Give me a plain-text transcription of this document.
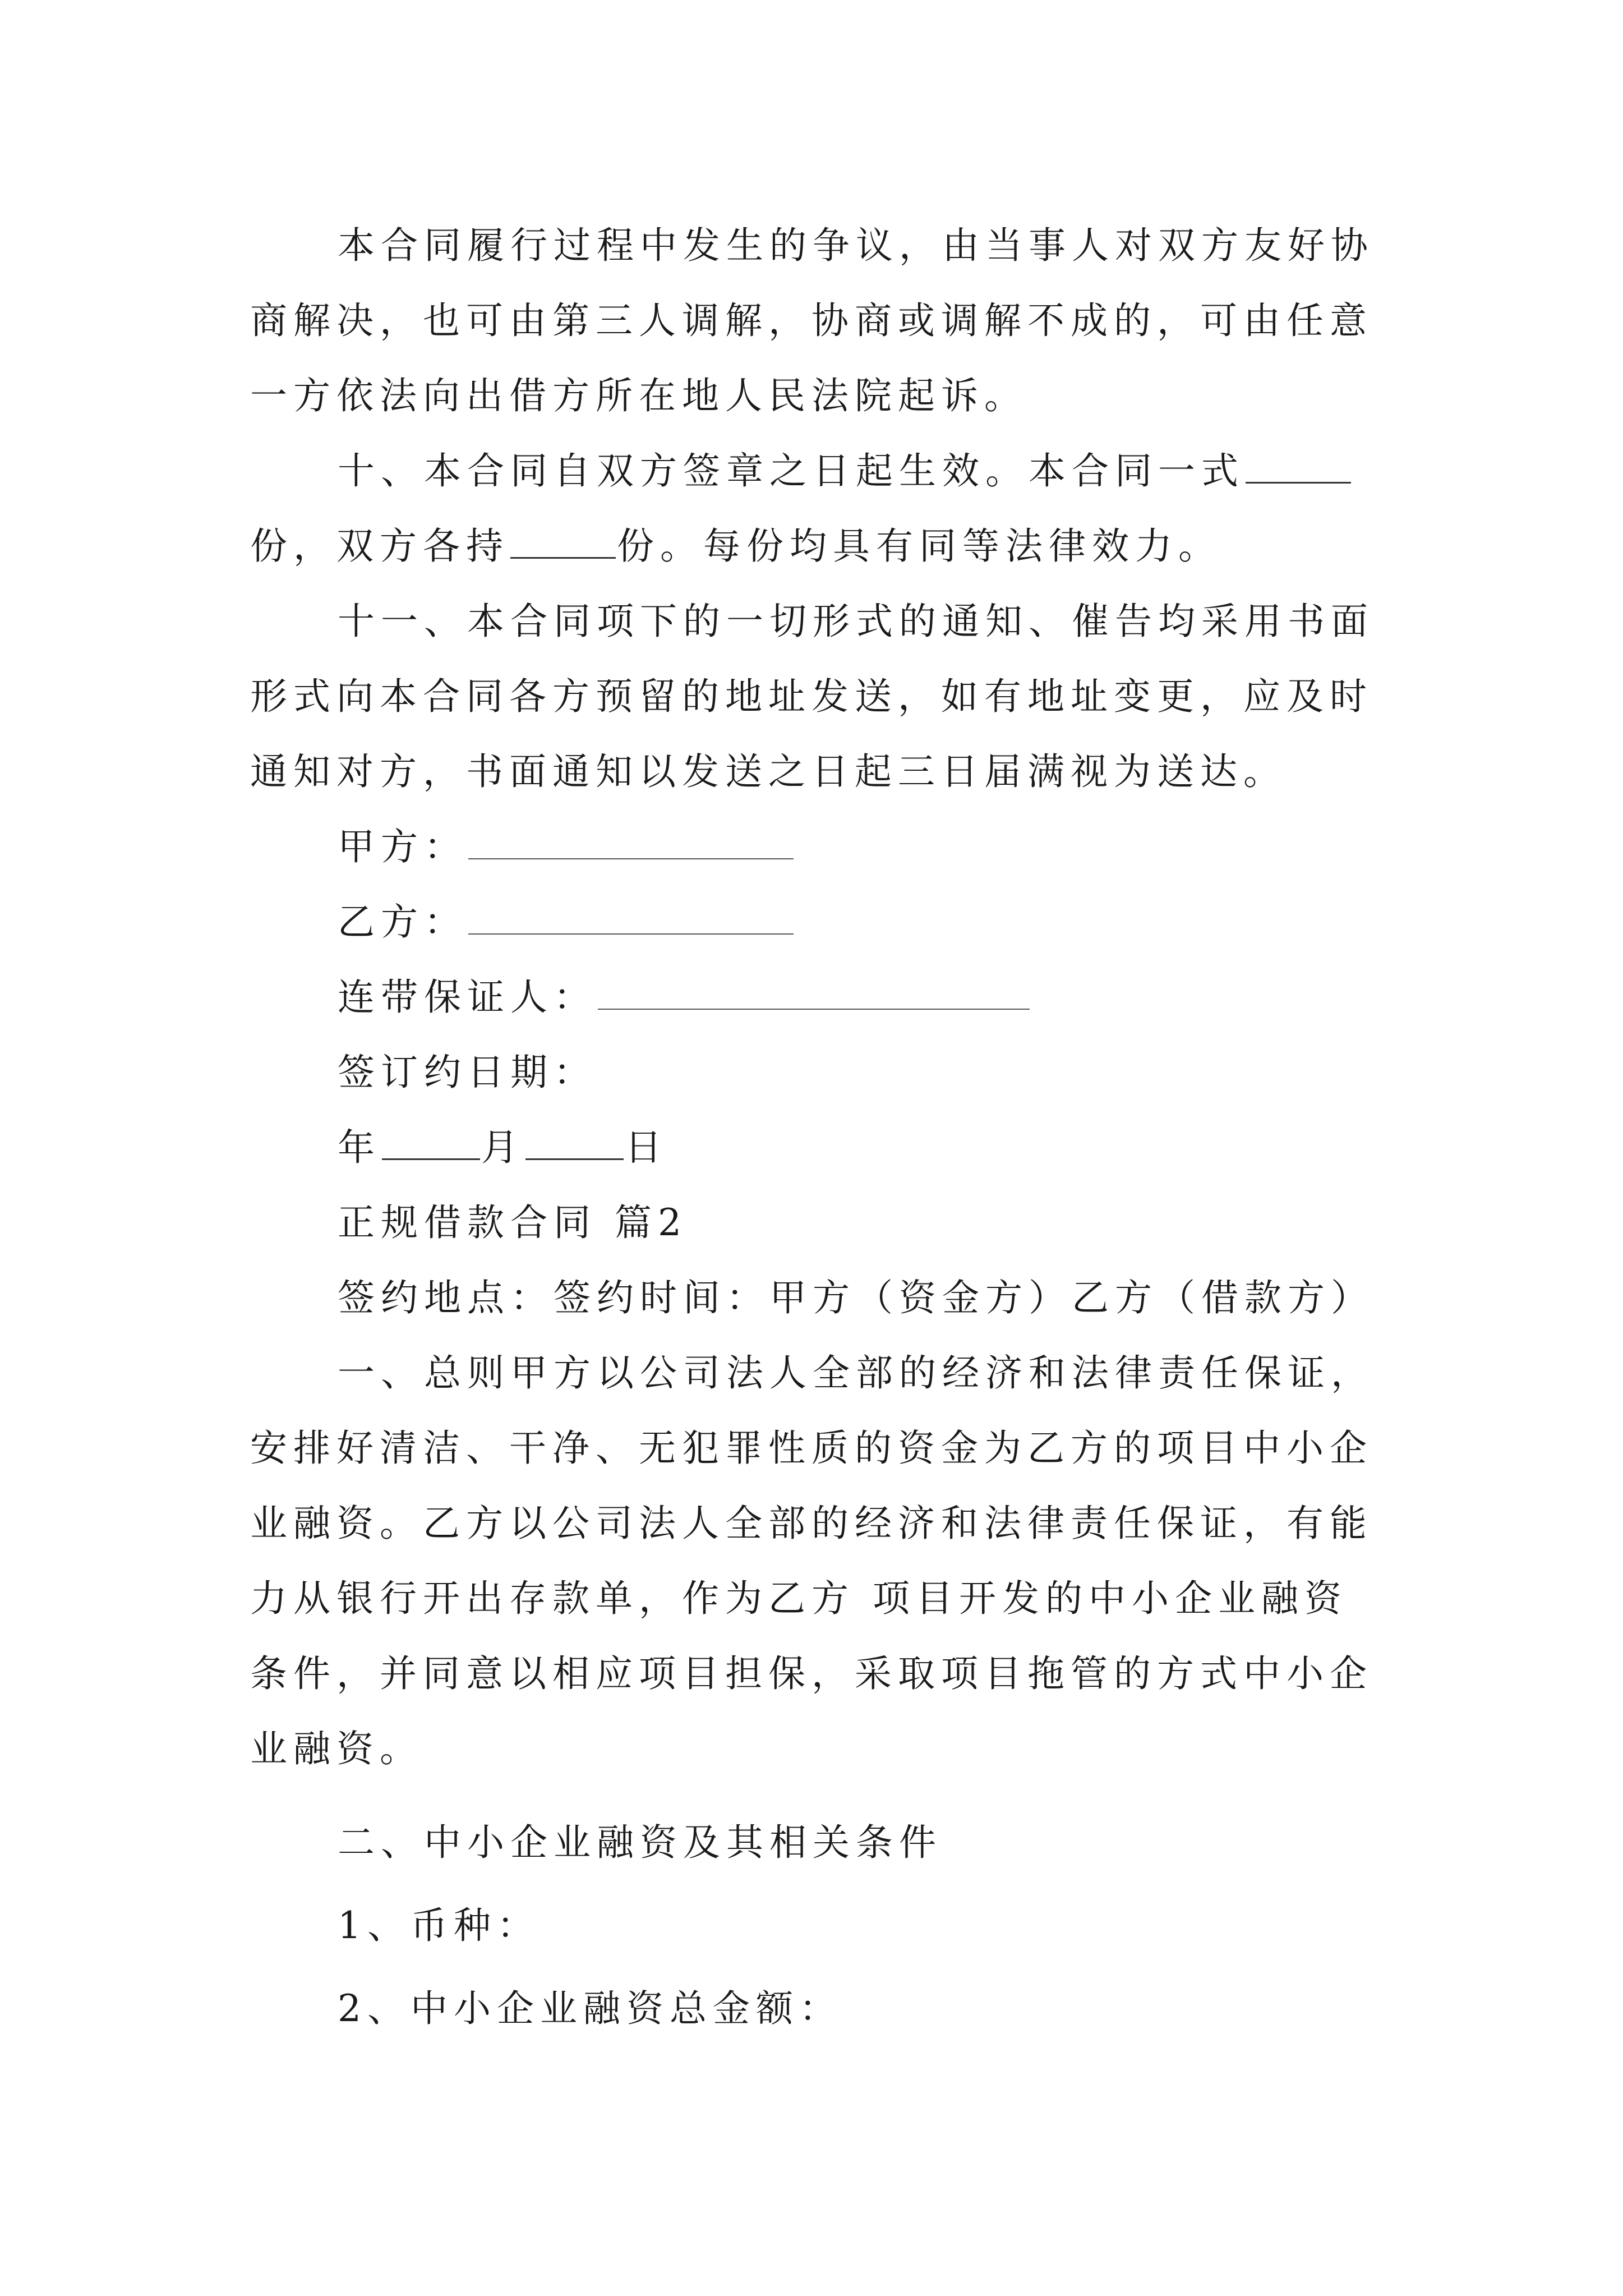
本合同履行过程中发生的争议，由当事人对双方友好协
商解决，也可由第三人调解，协商或调解不成的，可由任意
一方依法向出借方所在地人民法院起诉。
十、本合同自双方签章之日起生效。本合同一式
份，双方各持	份。每份均具有同等法律效力。
十一、本合同项下的一切形式的通知、催告均采用书面
形式向本合同各方预留的地址发送，如有地址变更，应及时
通知对方，书面通知以发送之日起三日届满视为送达。
甲方：
乙方：
连带保证人：
签订约日期：
年	月	日
正规借款合同 篇2
签约地点：签约时间：甲方（资金方）乙方（借款方）
一、总则甲方以公司法人全部的经济和法律责任保证，
安排好清洁、干净、无犯罪性质的资金为乙方的项目中小企
业融资。乙方以公司法人全部的经济和法律责任保证，有能
力从银行开出存款单，作为乙方 项目开发的中小企业融资
条件，并同意以相应项目担保，采取项目拖管的方式中小企
业融资。
二、中小企业融资及其相关条件
1、币种：
2、中小企业融资总金额：
